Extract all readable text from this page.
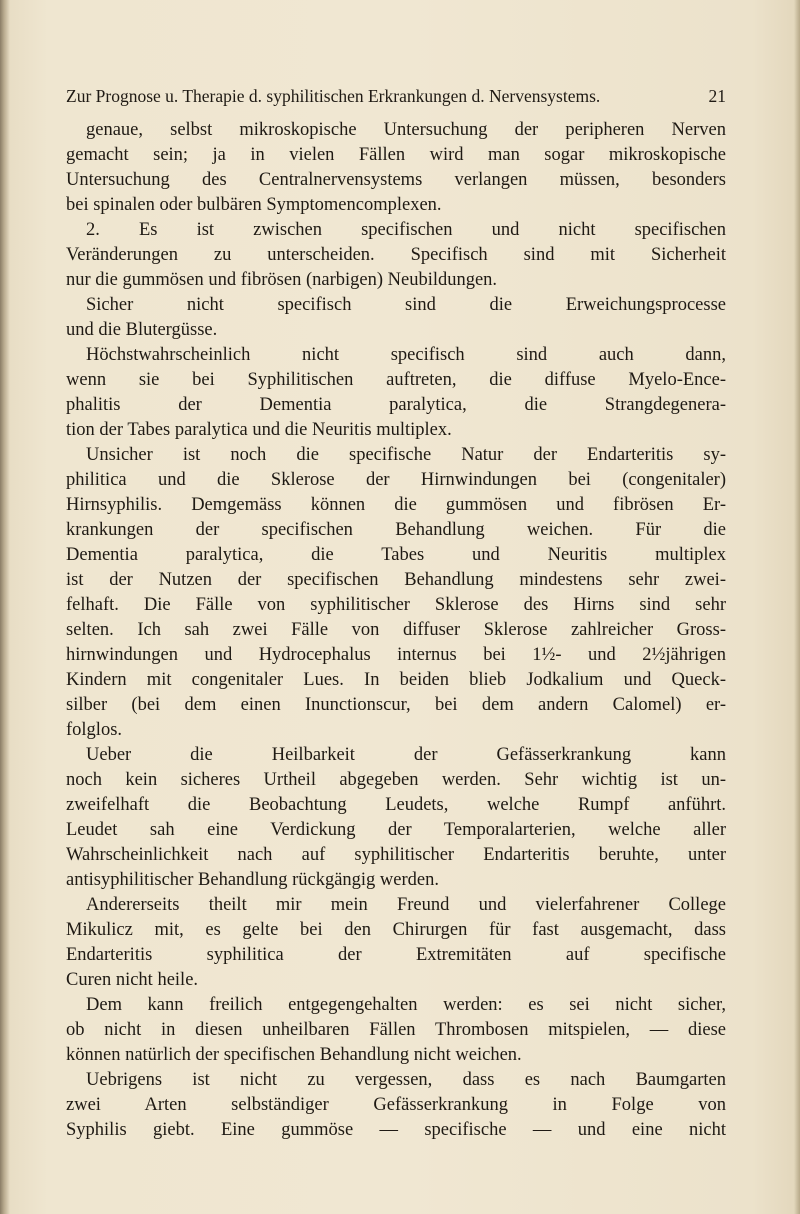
Zur Prognose u. Therapie d. syphilitischen Erkrankungen d. Nervensystems.	21
genaue, selbst mikroskopische Untersuchung der peripheren Nerven
gemacht sein; ja in vielen Fällen wird man sogar mikroskopische
Untersuchung des Centralnervensystems verlangen müssen, besonders
bei spinalen oder bulbären Symptomencomplexen.
2. Es ist zwischen specifischen und nicht specifischen
Veränderungen zu unterscheiden. Specifisch sind mit Sicherheit
nur die gummösen und fibrösen (narbigen) Neubildungen.
Sicher nicht specifisch sind die Erweichungsprocesse
und die Blutergüsse.
Höchstwahrscheinlich nicht specifisch sind auch dann,
wenn sie bei Syphilitischen auftreten, die diffuse Myelo-Ence-
phalitis der Dementia paralytica, die Strangdegenera-
tion der Tabes paralytica und die Neuritis multiplex.
Unsicher ist noch die specifische Natur der Endarteritis sy-
philitica und die Sklerose der Hirnwindungen bei (congenitaler)
Hirnsyphilis. Demgemäss können die gummösen und fibrösen Er-
krankungen der specifischen Behandlung weichen. Für die
Dementia paralytica, die Tabes und Neuritis multiplex
ist der Nutzen der specifischen Behandlung mindestens sehr zwei-
felhaft. Die Fälle von syphilitischer Sklerose des Hirns sind sehr
selten. Ich sah zwei Fälle von diffuser Sklerose zahlreicher Gross-
hirnwindungen und Hydrocephalus internus bei 1½- und 2½jährigen
Kindern mit congenitaler Lues. In beiden blieb Jodkalium und Queck-
silber (bei dem einen Inunctionscur, bei dem andern Calomel) er-
folglos.
Ueber die Heilbarkeit der Gefässerkrankung kann
noch kein sicheres Urtheil abgegeben werden. Sehr wichtig ist un-
zweifelhaft die Beobachtung Leudets, welche Rumpf anführt.
Leudet sah eine Verdickung der Temporalarterien, welche aller
Wahrscheinlichkeit nach auf syphilitischer Endarteritis beruhte, unter
antisyphilitischer Behandlung rückgängig werden.
Andererseits theilt mir mein Freund und vielerfahrener College
Mikulicz mit, es gelte bei den Chirurgen für fast ausgemacht, dass
Endarteritis syphilitica der Extremitäten auf specifische
Curen nicht heile.
Dem kann freilich entgegengehalten werden: es sei nicht sicher,
ob nicht in diesen unheilbaren Fällen Thrombosen mitspielen, — diese
können natürlich der specifischen Behandlung nicht weichen.
Uebrigens ist nicht zu vergessen, dass es nach Baumgarten
zwei Arten selbständiger Gefässerkrankung in Folge von
Syphilis giebt. Eine gummöse — specifische — und eine nicht
